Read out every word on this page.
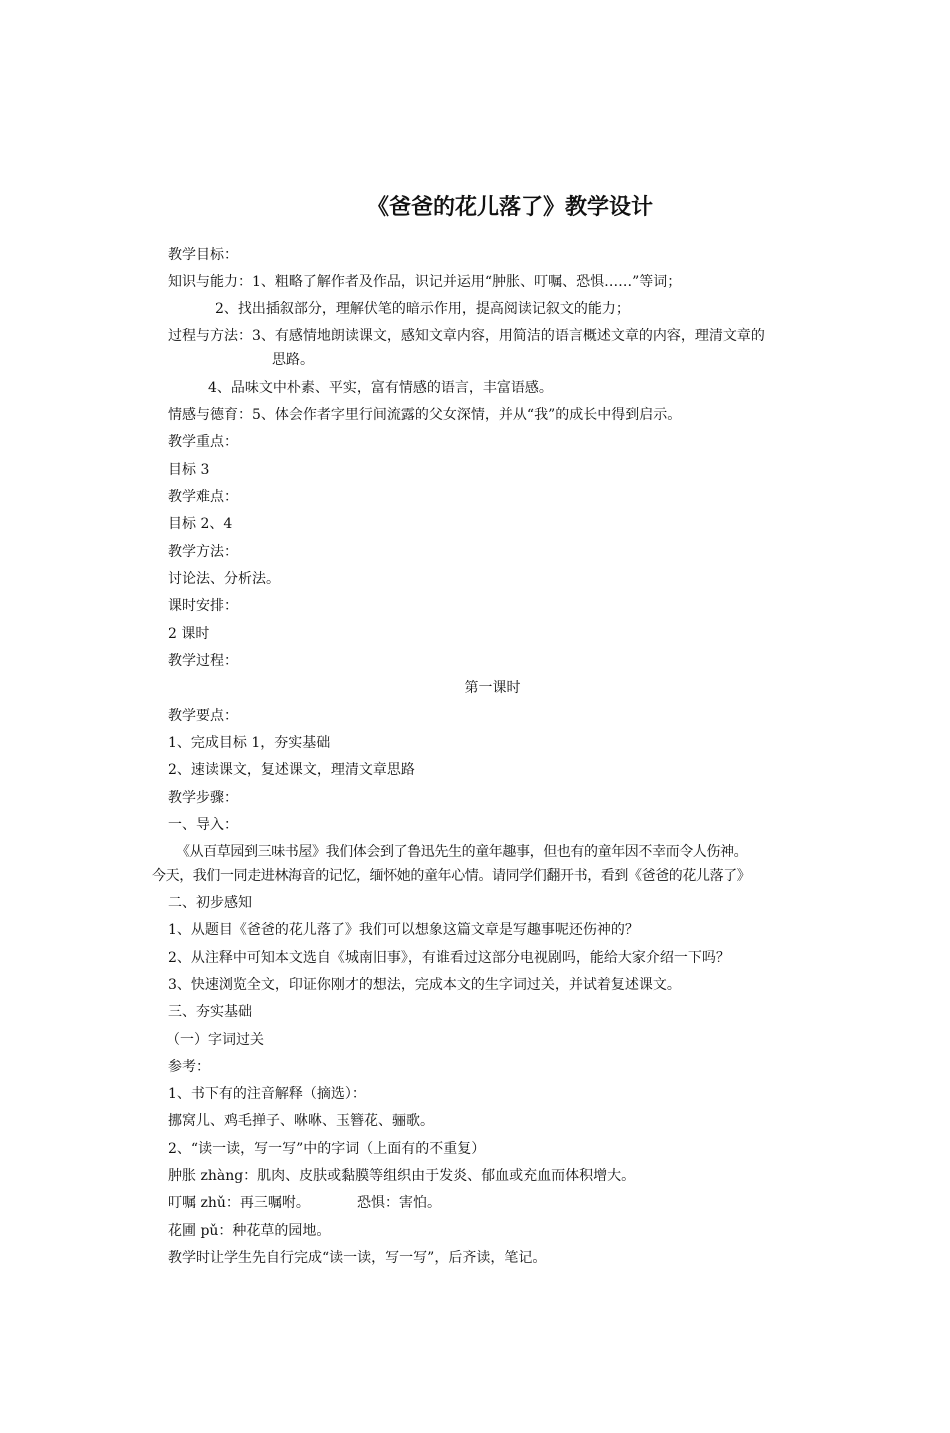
《爸爸的花儿落了》教学设计
教学目标：
知识与能力：1、粗略了解作者及作品，识记并运用“肿胀、叮嘱、恐惧……”等词；
2、找出插叙部分，理解伏笔的暗示作用，提高阅读记叙文的能力；
过程与方法：3、有感情地朗读课文，感知文章内容，用简洁的语言概述文章的内容，理清文章的
思路。
4、品味文中朴素、平实，富有情感的语言，丰富语感。
情感与德育：5、体会作者字里行间流露的父女深情，并从“我”的成长中得到启示。
教学重点：
目标 3
教学难点：
目标 2、4
教学方法：
讨论法、分析法。
课时安排：
2 课时
教学过程：
第一课时
教学要点：
1、完成目标 1，夯实基础
2、速读课文，复述课文，理清文章思路
教学步骤：
一、导入：
《从百草园到三味书屋》我们体会到了鲁迅先生的童年趣事，但也有的童年因不幸而令人伤神。
今天，我们一同走进林海音的记忆，缅怀她的童年心情。请同学们翻开书，看到《爸爸的花儿落了》
二、初步感知
1、从题目《爸爸的花儿落了》我们可以想象这篇文章是写趣事呢还伤神的？
2、从注释中可知本文选自《城南旧事》，有谁看过这部分电视剧吗，能给大家介绍一下吗？
3、快速浏览全文，印证你刚才的想法，完成本文的生字词过关，并试着复述课文。
三、夯实基础
（一）字词过关
参考：
1、书下有的注音解释（摘选）：
挪窝儿、鸡毛掸子、咻咻、玉簪花、骊歌。
2、“读一读，写一写”中的字词（上面有的不重复）
肿胀 zhàng：肌肉、皮肤或黏膜等组织由于发炎、郁血或充血而体积增大。
叮嘱 zhǔ：再三嘱咐。	恐惧：害怕。
花圃 pǔ：种花草的园地。
教学时让学生先自行完成“读一读，写一写”，后齐读，笔记。
